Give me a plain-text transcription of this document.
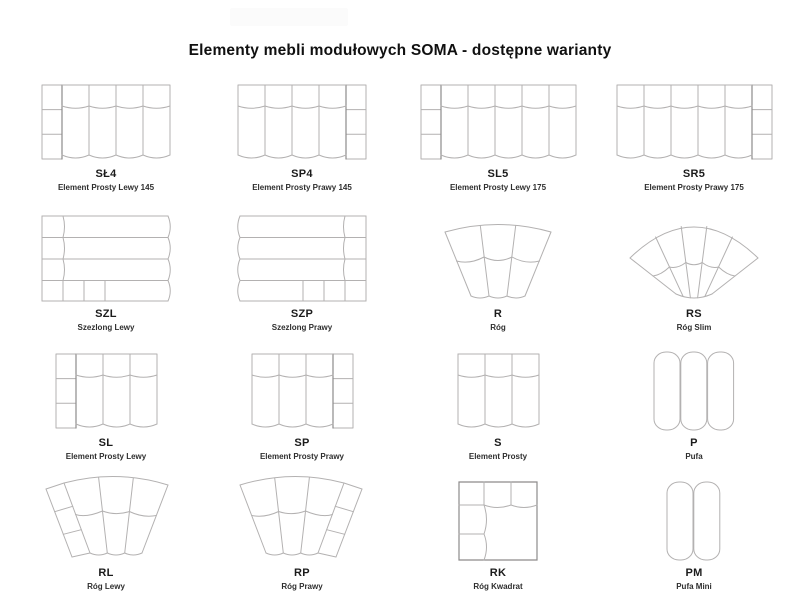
Elementy mebli modułowych SOMA - dostępne warianty
SŁ4
Element Prosty Lewy 145
SP4
Element Prosty Prawy 145
SL5
Element Prosty Lewy 175
SR5
Element Prosty Prawy 175
SZL
Szezlong Lewy
SZP
Szezlong Prawy
R
Róg
RS
Róg Slim
SL
Element Prosty Lewy
SP
Element Prosty Prawy
S
Element Prosty
P
Pufa
RL
Róg Lewy
RP
Róg Prawy
RK
Róg Kwadrat
PM
Pufa Mini
